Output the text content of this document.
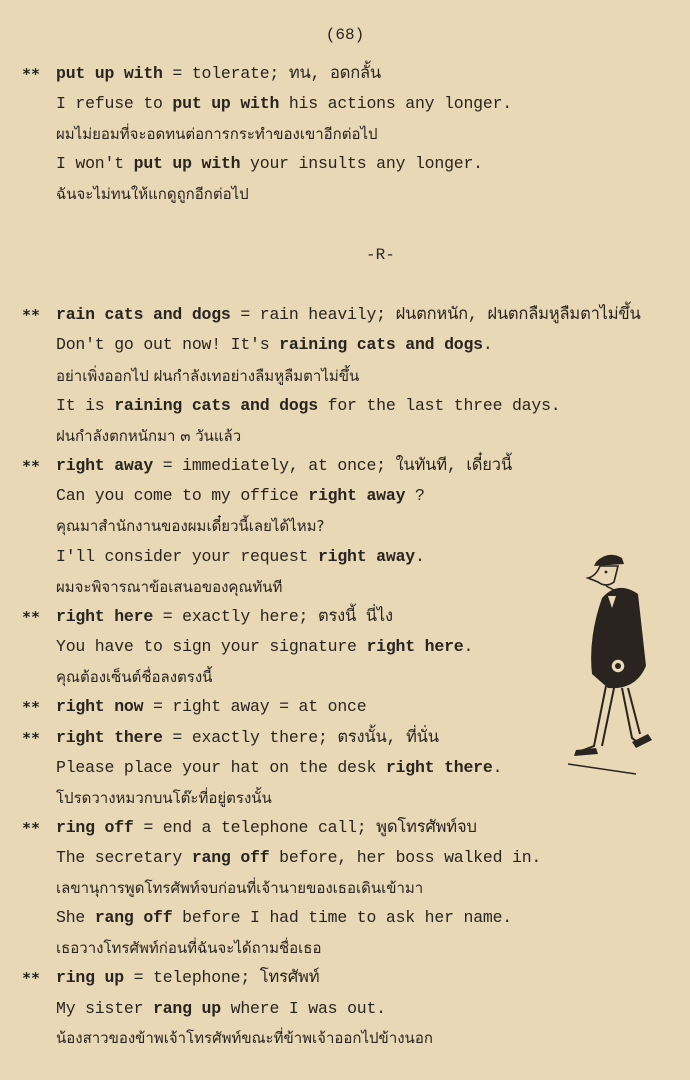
(68)
-R-
** put up with = tolerate; ทน, อดกลั้น
I refuse to put up with his actions any longer.
ผมไม่ยอมที่จะอดทนต่อการกระทำของเขาอีกต่อไป
I won't put up with your insults any longer.
ฉันจะไม่ทนให้แกดูถูกอีกต่อไป
** rain cats and dogs = rain heavily; ฝนตกหนัก, ฝนตกลืมหูลืมตาไม่ขึ้น
Don't go out now! It's raining cats and dogs.
อย่าเพิ่งออกไป ฝนกำลังเทอย่างลืมหูลืมตาไม่ขึ้น
It is raining cats and dogs for the last three days.
ฝนกำลังตกหนักมา ๓ วันแล้ว
** right away = immediately, at once; ในทันที, เดี๋ยวนี้
Can you come to my office right away ?
คุณมาสำนักงานของผมเดี๋ยวนี้เลยได้ไหม?
I'll consider your request right away.
ผมจะพิจารณาข้อเสนอของคุณทันที
** right here = exactly here; ตรงนี้ นี่ไง
You have to sign your signature right here.
คุณต้องเซ็นต์ชื่อลงตรงนี้
** right now = right away = at once
** right there = exactly there; ตรงนั้น, ที่นั่น
Please place your hat on the desk right there.
โปรดวางหมวกบนโต๊ะที่อยู่ตรงนั้น
** ring off = end a telephone call; พูดโทรศัพท์จบ
The secretary rang off before, her boss walked in.
เลขานุการพูดโทรศัพท์จบก่อนที่เจ้านายของเธอเดินเข้ามา
She rang off before I had time to ask her name.
เธอวางโทรศัพท์ก่อนที่ฉันจะได้ถามชื่อเธอ
** ring up = telephone; โทรศัพท์
My sister rang up where I was out.
น้องสาวของข้าพเจ้าโทรศัพท์ขณะที่ข้าพเจ้าออกไปข้างนอก
